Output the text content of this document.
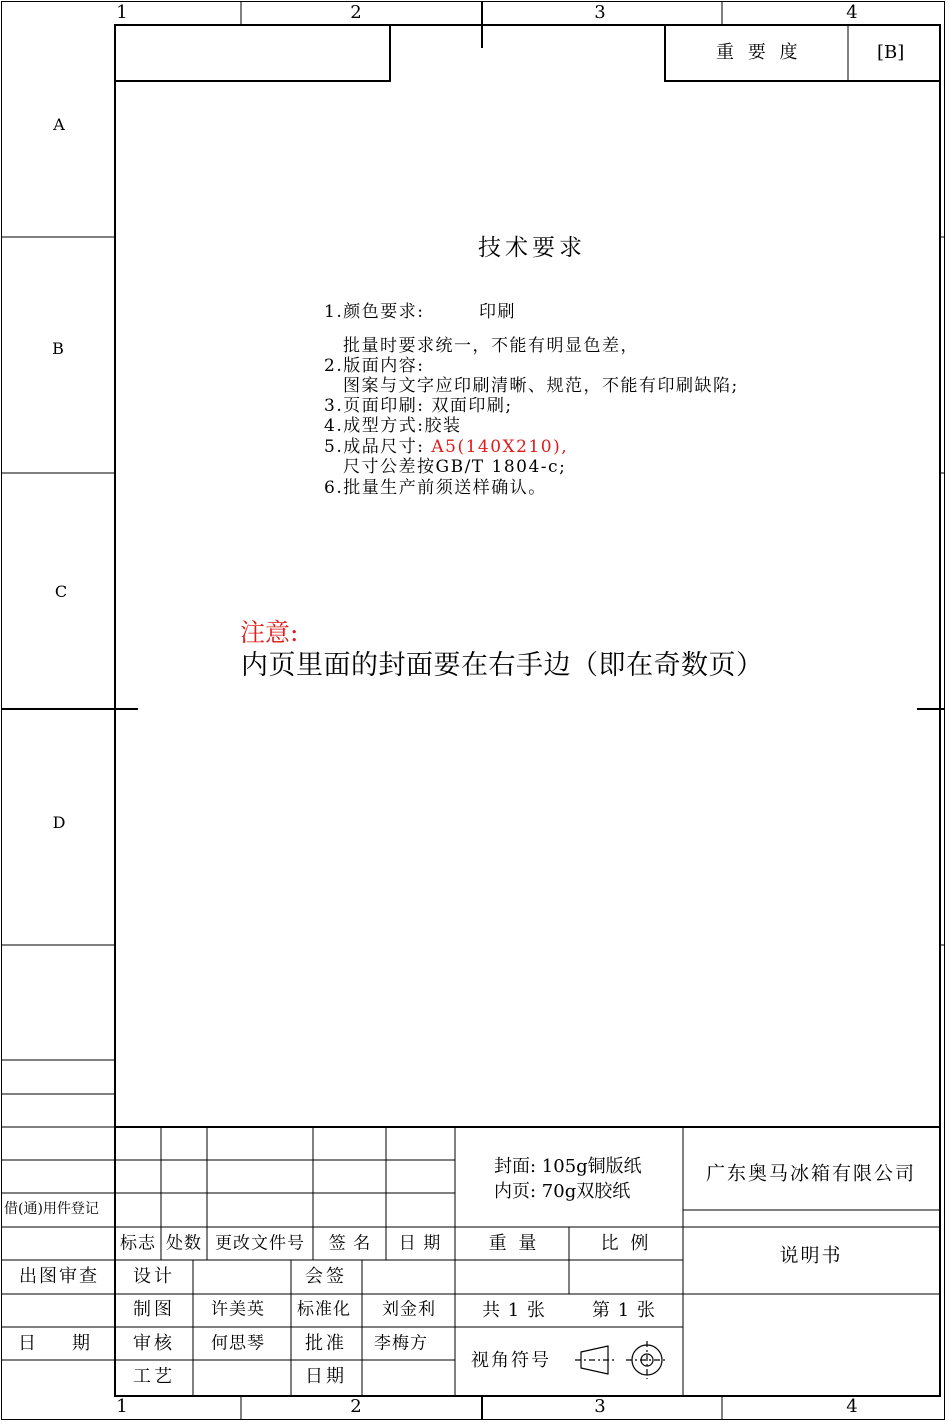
1	2	3	4
1	2	3	4
A
B
C
D
重 要 度	[B]
技术要求
1.颜色要求:	印刷
批量时要求统一，不能有明显色差，
2.版面内容:
图案与文字应印刷清晰、规范，不能有印刷缺陷;
3.页面印刷: 双面印刷;
4.成型方式:胶装
5.成品尺寸: A5(140X210),
尺寸公差按GB/T 1804-c;
6.批量生产前须送样确认。
注意:
内页里面的封面要在右手边（即在奇数页）
借(通)用件登记
出图审查
日　　期
标志 处数 更改文件号 签 名 日 期
设计	会签
制图 许美英 标准化 刘金利
审核 何思琴 批准 李梅方
工艺	日期
封面: 105g铜版纸
内页: 70g双胶纸
重 量	比 例
共 1 张	第 1 张
视角符号
广东奥马冰箱有限公司
说明书
